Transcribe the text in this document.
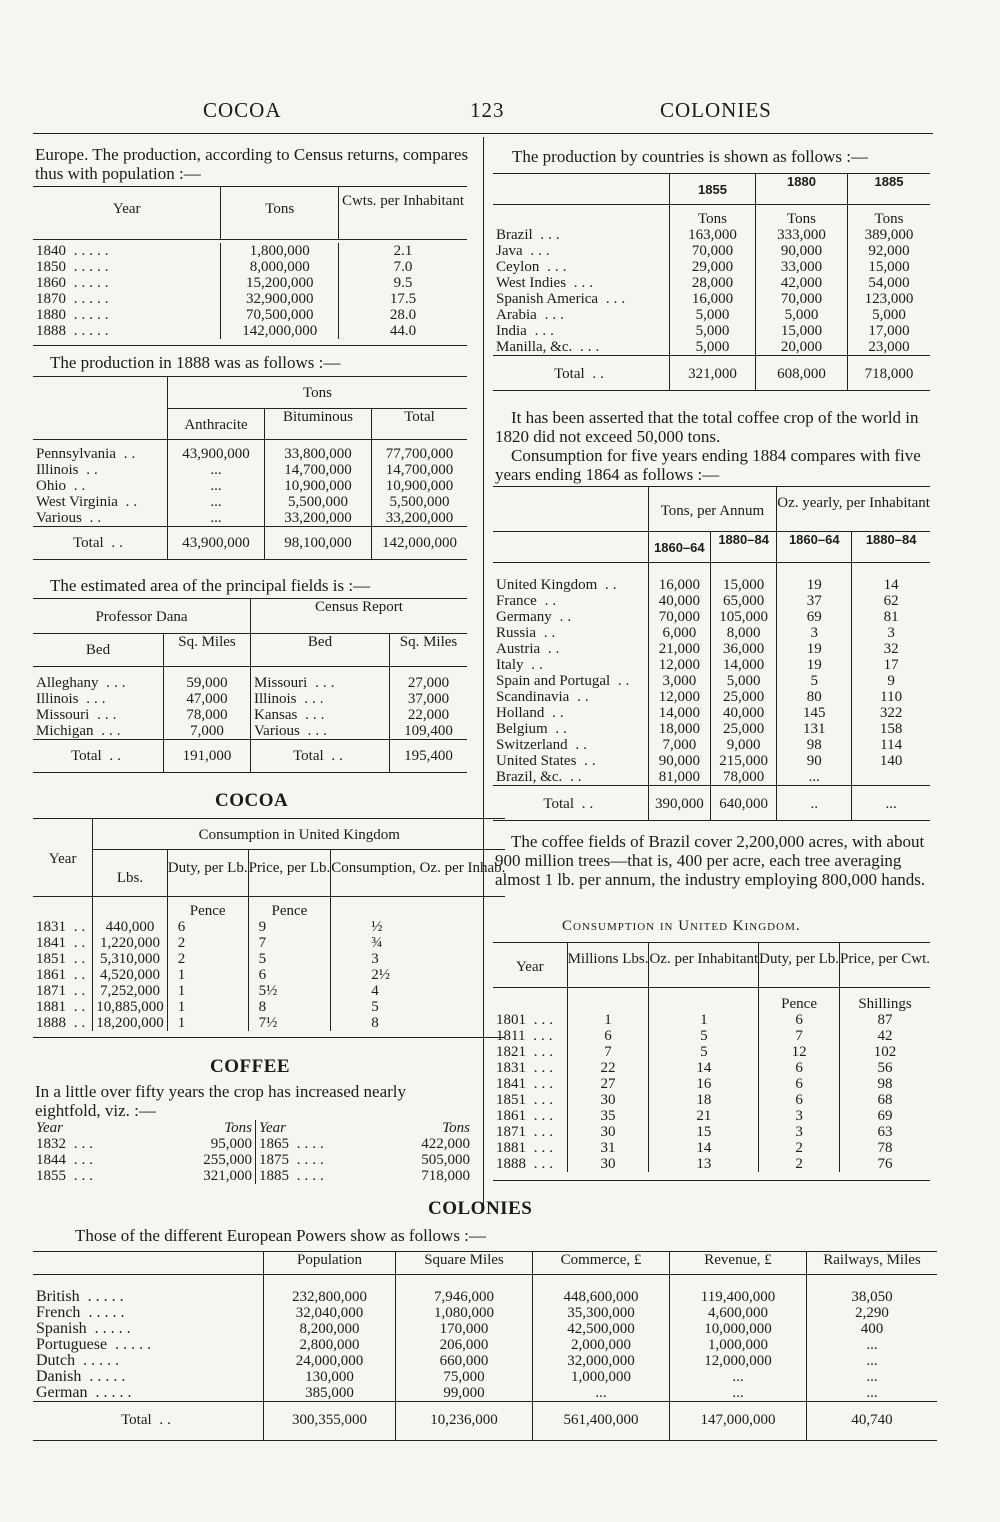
COCOA	123	COLONIES
Europe. The production, according to Census returns, compares thus with population :—
Year	Tons	Cwts. per Inhabitant

1840 .....	1,800,000	2.1
1850 .....	8,000,000	7.0
1860 .....	15,200,000	9.5
1870 .....	32,900,000	17.5
1880 .....	70,500,000	28.0
1888 .....	142,000,000	44.0

The production in 1888 was as follows :—
	Tons		
	Anthracite	Bituminous	Total

Pennsylvania ..	43,900,000	33,800,000	77,700,000
Illinois ..	...	14,700,000	14,700,000
Ohio ..	...	10,900,000	10,900,000
West Virginia ..	...	5,500,000	5,500,000
Various ..	...	33,200,000	33,200,000
Total ..	43,900,000	98,100,000	142,000,000
The estimated area of the principal fields is :—
Professor Dana		Census Report	
Bed	Sq. Miles	Bed	Sq. Miles

Alleghany ...	59,000	Missouri ...	27,000
Illinois ...	47,000	Illinois ...	37,000
Missouri ...	78,000	Kansas ...	22,000
Michigan ...	7,000	Various ...	109,400
Total ..	191,000	Total ..	195,400
COCOA
Year	Consumption in United Kingdom			
	Lbs.	Duty, per Lb.	Price, per Lb.	Consumption, Oz. per Inhab.
		Pence	Pence	
1831 ..	440,000	6	9	½
1841 ..	1,220,000	2	7	¾
1851 ..	5,310,000	2	5	3
1861 ..	4,520,000	1	6	2½
1871 ..	7,252,000	1	5½	4
1881 ..	10,885,000	1	8	5
1888 ..	18,200,000	1	7½	8

COFFEE
In a little over fifty years the crop has increased nearly eightfold, viz. :—
Year	Tons	Year	Tons
1832 ...	95,000	1865 ....	422,000
1844 ...	255,000	1875 ....	505,000
1855 ...	321,000	1885 ....	718,000
The production by countries is shown as follows :—
	1855	1880	1885
	Tons	Tons	Tons
Brazil ...	163,000	333,000	389,000
Java ...	70,000	90,000	92,000
Ceylon ...	29,000	33,000	15,000
West Indies ...	28,000	42,000	54,000
Spanish America ...	16,000	70,000	123,000
Arabia ...	5,000	5,000	5,000
India ...	5,000	15,000	17,000
Manilla, &c. ...	5,000	20,000	23,000
Total ..	321,000	608,000	718,000
It has been asserted that the total coffee crop of the world in 1820 did not exceed 50,000 tons.
Consumption for five years ending 1884 compares with five years ending 1864 as follows :—
	Tons, per Annum		Oz. yearly, per Inhabitant	
	1860–64	1880–84	1860–64	1880–84

United Kingdom ..	16,000	15,000	19	14
France ..	40,000	65,000	37	62
Germany ..	70,000	105,000	69	81
Russia ..	6,000	8,000	3	3
Austria ..	21,000	36,000	19	32
Italy ..	12,000	14,000	19	17
Spain and Portugal ..	3,000	5,000	5	9
Scandinavia ..	12,000	25,000	80	110
Holland ..	14,000	40,000	145	322
Belgium ..	18,000	25,000	131	158
Switzerland ..	7,000	9,000	98	114
United States ..	90,000	215,000	90	140
Brazil, &c. ..	81,000	78,000	...	
Total ..	390,000	640,000	..	...
The coffee fields of Brazil cover 2,200,000 acres, with about 900 million trees—that is, 400 per acre, each tree averaging almost 1 lb. per annum, the industry employing 800,000 hands.
Consumption in United Kingdom.
Year	Millions Lbs.	Oz. per Inhabitant	Duty, per Lb.	Price, per Cwt.
			Pence	Shillings
1801 ...	1	1	6	87
1811 ...	6	5	7	42
1821 ...	7	5	12	102
1831 ...	22	14	6	56
1841 ...	27	16	6	98
1851 ...	30	18	6	68
1861 ...	35	21	3	69
1871 ...	30	15	3	63
1881 ...	31	14	2	78
1888 ...	30	13	2	76

COLONIES
Those of the different European Powers show as follows :—
	Population	Square Miles	Commerce, £	Revenue, £	Railways, Miles

British .....	232,800,000	7,946,000	448,600,000	119,400,000	38,050
French .....	32,040,000	1,080,000	35,300,000	4,600,000	2,290
Spanish .....	8,200,000	170,000	42,500,000	10,000,000	400
Portuguese .....	2,800,000	206,000	2,000,000	1,000,000	...
Dutch .....	24,000,000	660,000	32,000,000	12,000,000	...
Danish .....	130,000	75,000	1,000,000	...	...
German .....	385,000	99,000	...	...	...
Total ..	300,355,000	10,236,000	561,400,000	147,000,000	40,740
